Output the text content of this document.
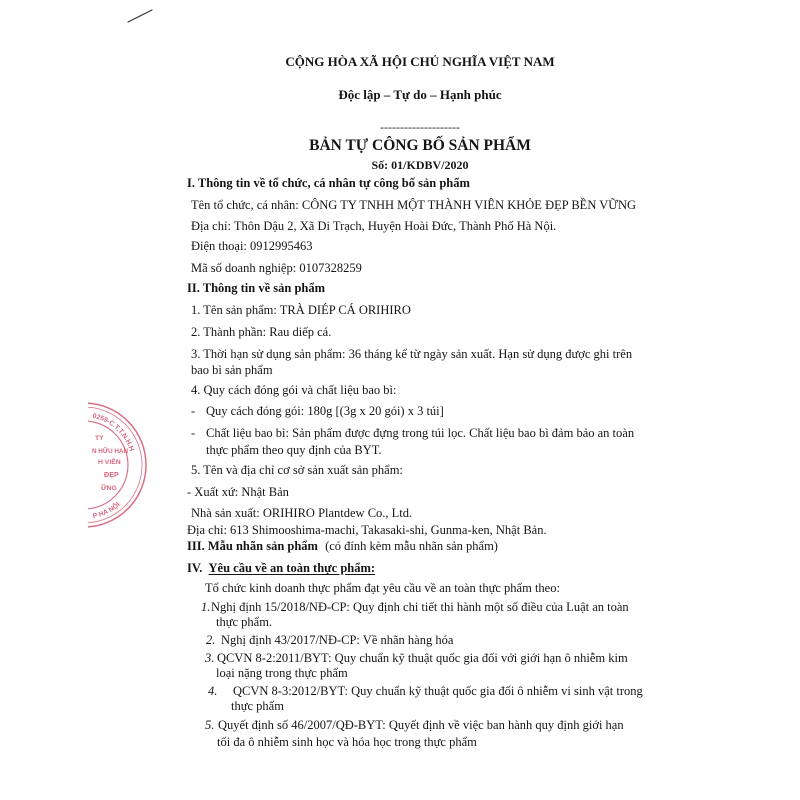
CỘNG HÒA XÃ HỘI CHỦ NGHĨA VIỆT NAM
Độc lập – Tự do – Hạnh phúc
--------------------
BẢN TỰ CÔNG BỐ SẢN PHẨM
Số: 01/KDBV/2020
I. Thông tin về tổ chức, cá nhân tự công bố sản phẩm
Tên tổ chức, cá nhân: CÔNG TY TNHH MỘT THÀNH VIÊN KHỎE ĐẸP BỀN VỮNG
Địa chỉ: Thôn Dậu 2, Xã Di Trạch, Huyện Hoài Đức, Thành Phố Hà Nội.
Điện thoại: 0912995463
Mã số doanh nghiệp: 0107328259
II. Thông tin về sản phẩm
1. Tên sản phẩm: TRÀ DIÉP CÁ ORIHIRO
2. Thành phần: Rau diếp cá.
3. Thời hạn sử dụng sản phẩm: 36 tháng kể từ ngày sản xuất. Hạn sử dụng được ghi trên
bao bì sản phẩm
4. Quy cách đóng gói và chất liệu bao bì:
- Quy cách đóng gói: 180g [(3g x 20 gói) x 3 túi]
- Chất liệu bao bì: Sản phẩm được đựng trong túi lọc. Chất liệu bao bì đảm bảo an toàn
thực phẩm theo quy định của BYT.
5. Tên và địa chỉ cơ sở sản xuất sản phẩm:
- Xuất xứ: Nhật Bản
Nhà sản xuất: ORIHIRO Plantdew Co., Ltd.
Địa chỉ: 613 Shimooshima-machi, Takasaki-shi, Gunma-ken, Nhật Bản.
III. Mẫu nhãn sản phẩm (có đính kèm mẫu nhãn sản phẩm)
IV. Yêu cầu về an toàn thực phẩm:
Tổ chức kinh doanh thực phẩm đạt yêu cầu về an toàn thực phẩm theo:
1. Nghị định 15/2018/NĐ-CP: Quy định chi tiết thi hành một số điều của Luật an toàn
thực phẩm.
2. Nghị định 43/2017/NĐ-CP: Về nhãn hàng hóa
3. QCVN 8-2:2011/BYT: Quy chuẩn kỹ thuật quốc gia đối với giới hạn ô nhiễm kim
loại nặng trong thực phẩm
4. QCVN 8-3:2012/BYT: Quy chuẩn kỹ thuật quốc gia đối ô nhiễm vi sinh vật trong
thực phẩm
5. Quyết định số 46/2007/QĐ-BYT: Quyết định về việc ban hành quy định giới hạn
tối đa ô nhiễm sinh học và hóa học trong thực phẩm
0259-C.T.T.N.H.H
P HÀ NỘI
TY
N HỮU HẠN
H VIÊN
ĐẸP
ỮNG
